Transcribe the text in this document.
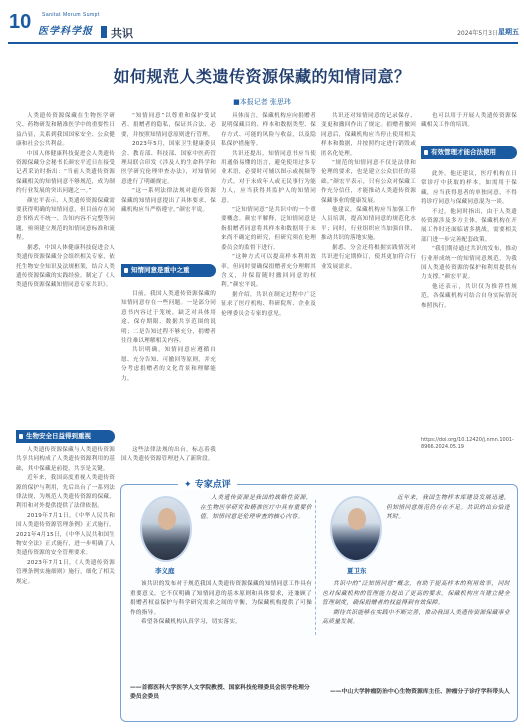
10 Sanitat Morum Sumpt
医学科学报 共识	2024年5月3日 星期五
如何规范人类遗传资源保藏的知情同意？
■本报记者 张思玮

人类遗传资源保藏在生物医学研究、药物研发和精准医学中的重要性日益凸显，关系到我国国家安全、公众健康和社会公共利益。

中国人体健康科技促进会人类遗传资源保藏分会秘书长颜宏平近日在接受记者采访时指出：“当前人类遗传资源保藏相关的知情同意不够规范，成为制约行业发展的突出问题之一。”

颜宏平表示，人类遗传资源保藏需要获得明确的知情同意，但目前存在同意书格式不统一、告知内容不完整等问题，亟须建立规范的知情同意标准和流程。

据悉，中国人体健康科技促进会人类遗传资源保藏分会组织相关专家，依托生物安全知识及法规框架，结合人类遗传资源保藏的实践经验，制定了《人类遗传资源保藏知情同意专家共识》。

“知情同意”以尊重和保护受试者、捐赠者的隐私，保证其合法、必要，并按照知情同意原则进行管理。

2023年5月，国家卫生健康委员会、教育部、科技部、国家中医药管理局联合印发《涉及人的生命科学和医学研究伦理审查办法》，对知情同意进行了明确规定。

“这一系列法律法规对遗传资源保藏的知情同意提出了具体要求，保藏机构应当严格遵守。”颜宏平说。

知情同意是重中之重

目前，我国人类遗传资源保藏的知情同意存在一些问题。一是部分同意书内容过于笼统，缺乏对具体用途、保存期限、数据共享范围的说明；二是告知过程不够充分，捐赠者往往难以理解相关内容。

共识明确，知情同意应遵循自愿、充分告知、可撤回等原则，并充分考虑捐赠者的文化背景和理解能力。

具体而言，保藏机构应向捐赠者说明保藏目的、样本和数据类型、保存方式、可能的风险与收益，以及隐私保护措施等。

共识还提出，知情同意书应当使用通俗易懂的语言，避免使用过多专业术语，必要时可辅以图示或视频等方式。对于未成年人或无民事行为能力人，应当获得其监护人的知情同意。

“泛知情同意”是共识中的一个重要概念。颜宏平解释，泛知情同意是指捐赠者同意将其样本和数据用于未来尚不确定的研究，但研究须在伦理委员会的监督下进行。

“这种方式可以提高样本利用效率，但同时要确保捐赠者充分理解其含义，并保留随时撤回同意的权利。”颜宏平说。

据介绍，共识在制定过程中广泛征求了医疗机构、科研院所、企业及伦理委员会专家的意见。

共识还对知情同意的记录保存、变更和撤回作出了规定。捐赠者撤回同意后，保藏机构应当停止使用相关样本和数据，并按照约定进行销毁或匿名化处理。

“规范的知情同意不仅是法律和伦理的要求，也是建立公众信任的基础。”颜宏平表示，只有公众对保藏工作充分信任，才能推动人类遗传资源保藏事业的健康发展。

他建议，保藏机构应当加强工作人员培训，提高知情同意的规范化水平；同时，行业组织应当加强自律，推动共识的落地实施。

据悉，分会还将根据实践情况对共识进行定期修订，使其更加符合行业发展需求。

也可以用于开展人类遗传资源保藏相关工作的培训。

有效管理才能合法使用

此外，他还建议，医疗机构在日常诊疗中获取的样本，如需用于保藏，应当获得患者的单独同意，不得将诊疗同意与保藏同意混为一谈。

不过，他同时指出，由于人类遗传资源涉及多方主体，保藏机构在开展工作时还面临诸多挑战，需要相关部门进一步完善配套政策。

“我们期待通过共识的发布，推动行业形成统一的知情同意规范，为我国人类遗传资源的保护和利用提供有力支撑。”颜宏平说。

他还表示，共识仅为推荐性规范，各保藏机构可结合自身实际情况参照执行。

生物安全日益得到重视

人类遗传资源保藏与人类遗传资源共享共同构成了人类遗传资源利用的基础，其中保藏是前提，共享是关键。

近年来，我国高度重视人类遗传资源的保护与利用，先后出台了一系列法律法规，为规范人类遗传资源的保藏、利用和对外提供提供了法律依据。

2019年7月1日，《中华人民共和国人类遗传资源管理条例》正式施行。2021年4月15日，《中华人民共和国生物安全法》正式施行，进一步明确了人类遗传资源的安全管理要求。

2023年7月1日，《人类遗传资源管理条例实施细则》施行，细化了相关规定。

这些法律法规的出台，标志着我国人类遗传资源管理进入了新阶段。

https://doi.org/10.12420/j.nmn.1001-8966.2024.05.19
✦ 专家点评
李义庭

人类遗传资源是我国的战略性资源，在生物医学研究和精准医疗中具有重要价值。知情同意是伦理审查的核心内容。

该共识的发布对于规范我国人类遗传资源保藏的知情同意工作具有重要意义。它不仅明确了知情同意的基本原则和具体要求，还兼顾了捐赠者权益保护与科学研究需求之间的平衡，为保藏机构提供了可操作的指导。

希望各保藏机构认真学习，切实落实。

——首都医科大学医学人文学院教授、国家科技伦理委员会医学伦理分委员会委员
夏卫东

近年来，我国生物样本库建设发展迅速，但知情同意规范仍存在不足。共识的出台恰逢其时。

共识中的“泛知情同意”概念，有助于提高样本的利用效率，同时也对保藏机构的管理能力提出了更高的要求。保藏机构应当建立健全管理制度，确保捐赠者的权益得到有效保障。

期待共识能够在实践中不断完善，推动我国人类遗传资源保藏事业高质量发展。

——中山大学肿瘤防治中心生物资源库主任、肿瘤分子诊疗学科带头人
